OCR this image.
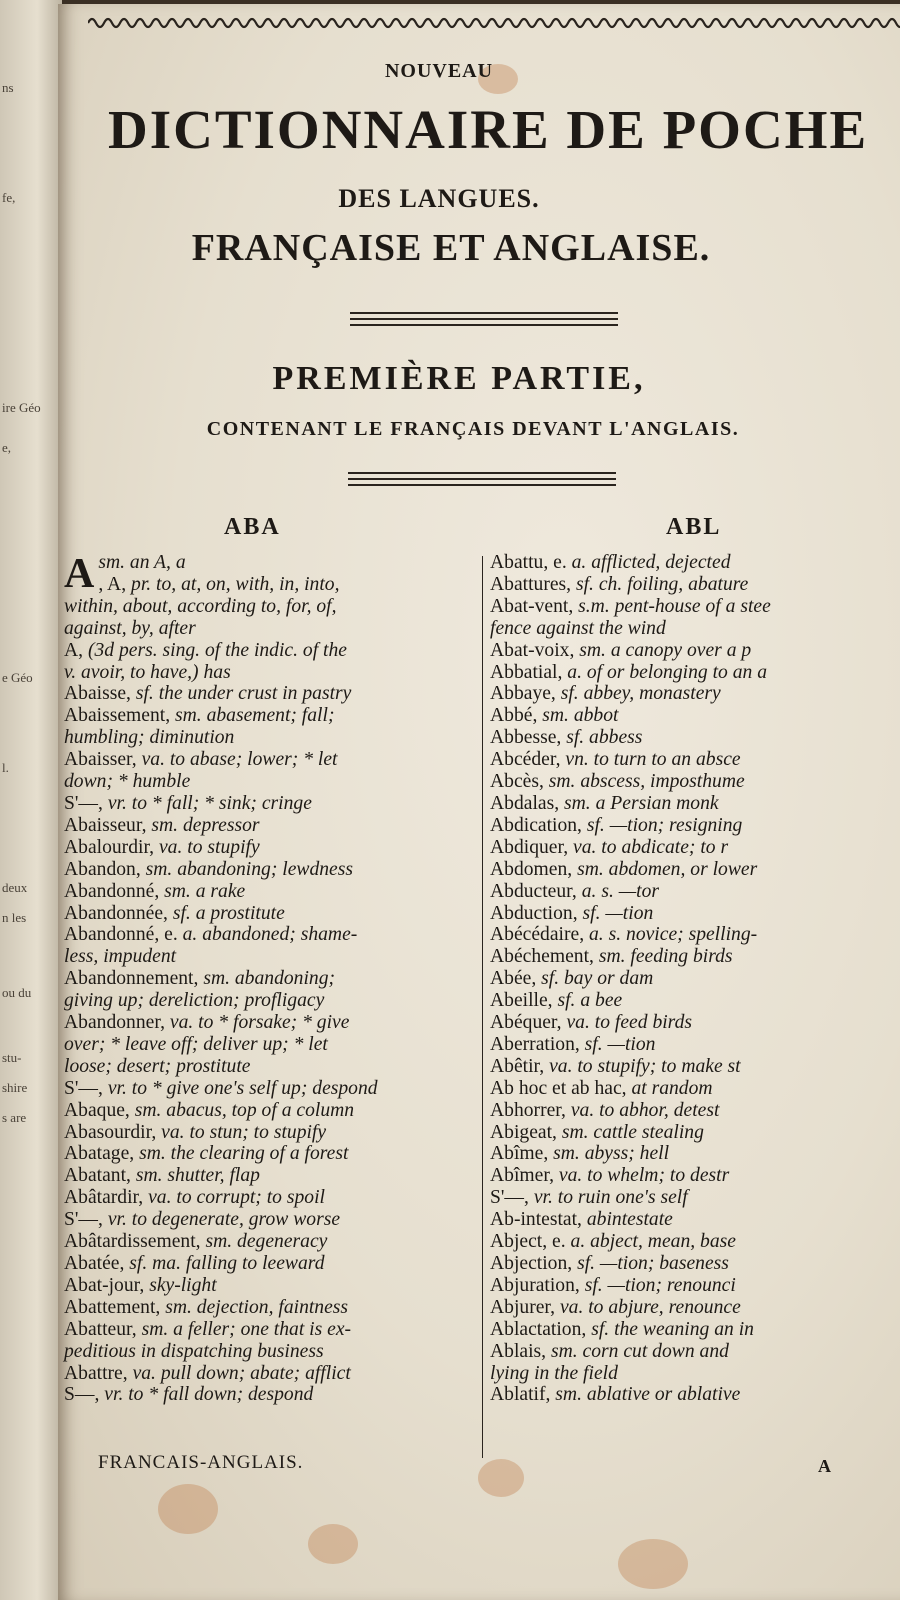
ns
fe,
ire Géo
e,
e Géo
l.
deux
n les
ou du
stu-
shire
s are
NOUVEAU
DICTIONNAIRE DE POCHE
DES LANGUES.
FRANÇAISE ET ANGLAISE.
PREMIÈRE PARTIE,
CONTENANT LE FRANÇAIS DEVANT L'ANGLAIS.
ABA	ABL
Asm. an A, a
, A, pr. to, at, on, with, in, into,
within, about, according to, for, of,
against, by, after
A, (3d pers. sing. of the indic. of the
v. avoir, to have,) has
Abaisse, sf. the under crust in pastry
Abaissement, sm. abasement; fall;
humbling; diminution
Abaisser, va. to abase; lower; * let
down; * humble
S'—, vr. to * fall; * sink; cringe
Abaisseur, sm. depressor
Abalourdir, va. to stupify
Abandon, sm. abandoning; lewdness
Abandonné, sm. a rake
Abandonnée, sf. a prostitute
Abandonné, e. a. abandoned; shame-
less, impudent
Abandonnement, sm. abandoning;
giving up; dereliction; profligacy
Abandonner, va. to * forsake; * give
over; * leave off; deliver up; * let
loose; desert; prostitute
S'—, vr. to * give one's self up; despond
Abaque, sm. abacus, top of a column
Abasourdir, va. to stun; to stupify
Abatage, sm. the clearing of a forest
Abatant, sm. shutter, flap
Abâtardir, va. to corrupt; to spoil
S'—, vr. to degenerate, grow worse
Abâtardissement, sm. degeneracy
Abatée, sf. ma. falling to leeward
Abat-jour, sky-light
Abattement, sm. dejection, faintness
Abatteur, sm. a feller; one that is ex-
peditious in dispatching business
Abattre, va. pull down; abate; afflict
S—, vr. to * fall down; despond
Abattu, e. a. afflicted, dejected
Abattures, sf. ch. foiling, abature
Abat-vent, s.m. pent-house of a stee
fence against the wind
Abat-voix, sm. a canopy over a p
Abbatial, a. of or belonging to an a
Abbaye, sf. abbey, monastery
Abbé, sm. abbot
Abbesse, sf. abbess
Abcéder, vn. to turn to an absce
Abcès, sm. abscess, imposthume
Abdalas, sm. a Persian monk
Abdication, sf. —tion; resigning
Abdiquer, va. to abdicate; to r
Abdomen, sm. abdomen, or lower
Abducteur, a. s. —tor
Abduction, sf. —tion
Abécédaire, a. s. novice; spelling-
Abéchement, sm. feeding birds
Abée, sf. bay or dam
Abeille, sf. a bee
Abéquer, va. to feed birds
Aberration, sf. —tion
Abêtir, va. to stupify; to make st
Ab hoc et ab hac, at random
Abhorrer, va. to abhor, detest
Abigeat, sm. cattle stealing
Abîme, sm. abyss; hell
Abîmer, va. to whelm; to destr
S'—, vr. to ruin one's self
Ab-intestat, abintestate
Abject, e. a. abject, mean, base
Abjection, sf. —tion; baseness
Abjuration, sf. —tion; renounci
Abjurer, va. to abjure, renounce
Ablactation, sf. the weaning an in
Ablais, sm. corn cut down and
lying in the field
Ablatif, sm. ablative or ablative
FRANCAIS-ANGLAIS.	A
